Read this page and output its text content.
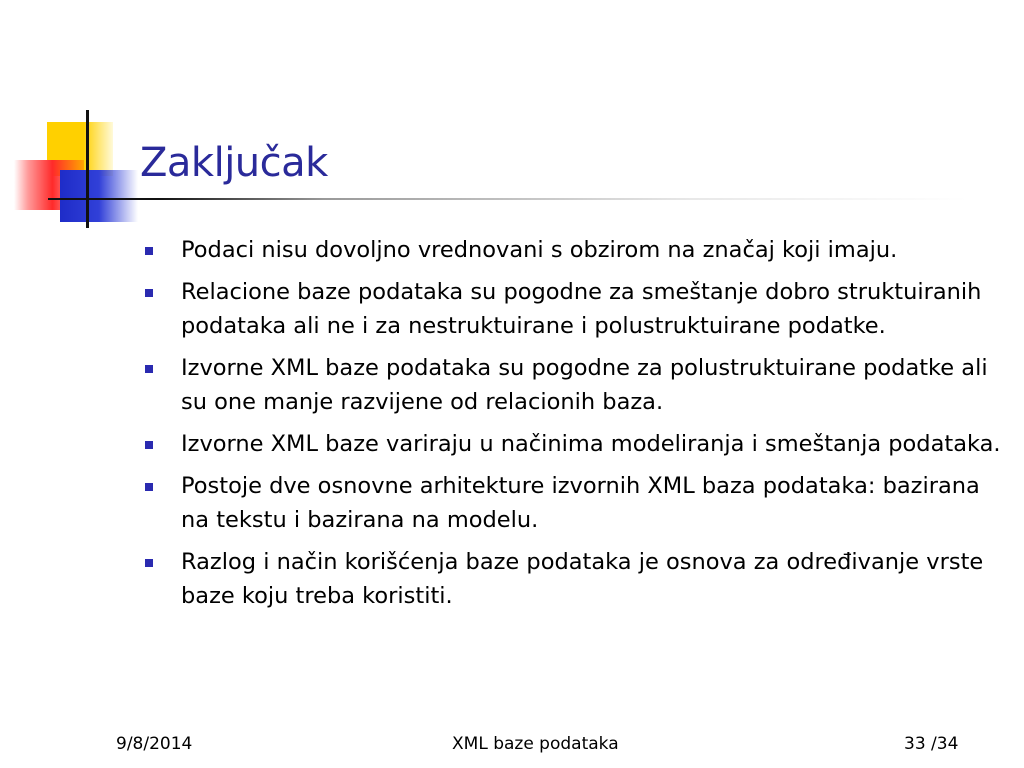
Zaključak
Podaci nisu dovoljno vrednovani s obzirom na značaj koji imaju.
Relacione baze podataka su pogodne za smeštanje dobro struktuiranih podataka ali ne i za nestruktuirane i polustruktuirane podatke.
Izvorne XML baze podataka su pogodne za polustruktuirane podatke ali su one manje razvijene od relacionih baza.
Izvorne XML baze variraju u načinima modeliranja i smeštanja podataka.
Postoje dve osnovne arhitekture izvornih XML baza podataka: bazirana na tekstu i bazirana na modelu.
Razlog i način korišćenja baze podataka je osnova za određivanje vrste baze koju treba koristiti.
9/8/2014	XML baze podataka	33 /34
